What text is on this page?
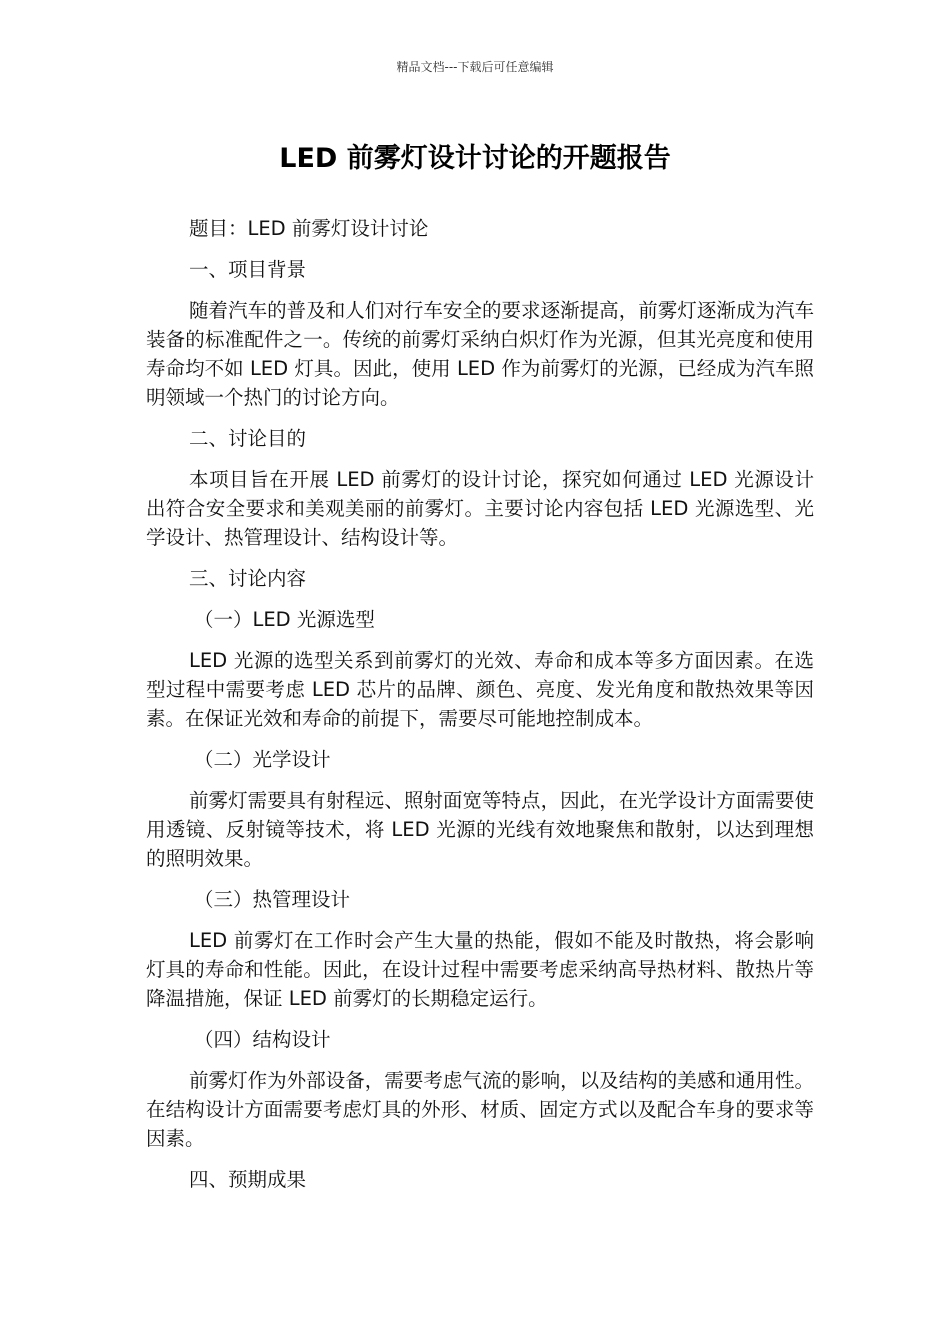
精品文档---下载后可任意编辑
LED 前雾灯设计讨论的开题报告

题目：LED 前雾灯设计讨论

一、项目背景

随着汽车的普及和人们对行车安全的要求逐渐提高，前雾灯逐渐成为汽车装备的标准配件之一。传统的前雾灯采纳白炽灯作为光源，但其光亮度和使用寿命均不如 LED 灯具。因此，使用 LED 作为前雾灯的光源，已经成为汽车照明领域一个热门的讨论方向。

二、讨论目的

本项目旨在开展 LED 前雾灯的设计讨论，探究如何通过 LED 光源设计出符合安全要求和美观美丽的前雾灯。主要讨论内容包括 LED 光源选型、光学设计、热管理设计、结构设计等。

三、讨论内容

（一）LED 光源选型

LED 光源的选型关系到前雾灯的光效、寿命和成本等多方面因素。在选型过程中需要考虑 LED 芯片的品牌、颜色、亮度、发光角度和散热效果等因素。在保证光效和寿命的前提下，需要尽可能地控制成本。

（二）光学设计

前雾灯需要具有射程远、照射面宽等特点，因此，在光学设计方面需要使用透镜、反射镜等技术，将 LED 光源的光线有效地聚焦和散射，以达到理想的照明效果。

（三）热管理设计

LED 前雾灯在工作时会产生大量的热能，假如不能及时散热，将会影响灯具的寿命和性能。因此，在设计过程中需要考虑采纳高导热材料、散热片等降温措施，保证 LED 前雾灯的长期稳定运行。

（四）结构设计

前雾灯作为外部设备，需要考虑气流的影响，以及结构的美感和通用性。在结构设计方面需要考虑灯具的外形、材质、固定方式以及配合车身的要求等因素。

四、预期成果
